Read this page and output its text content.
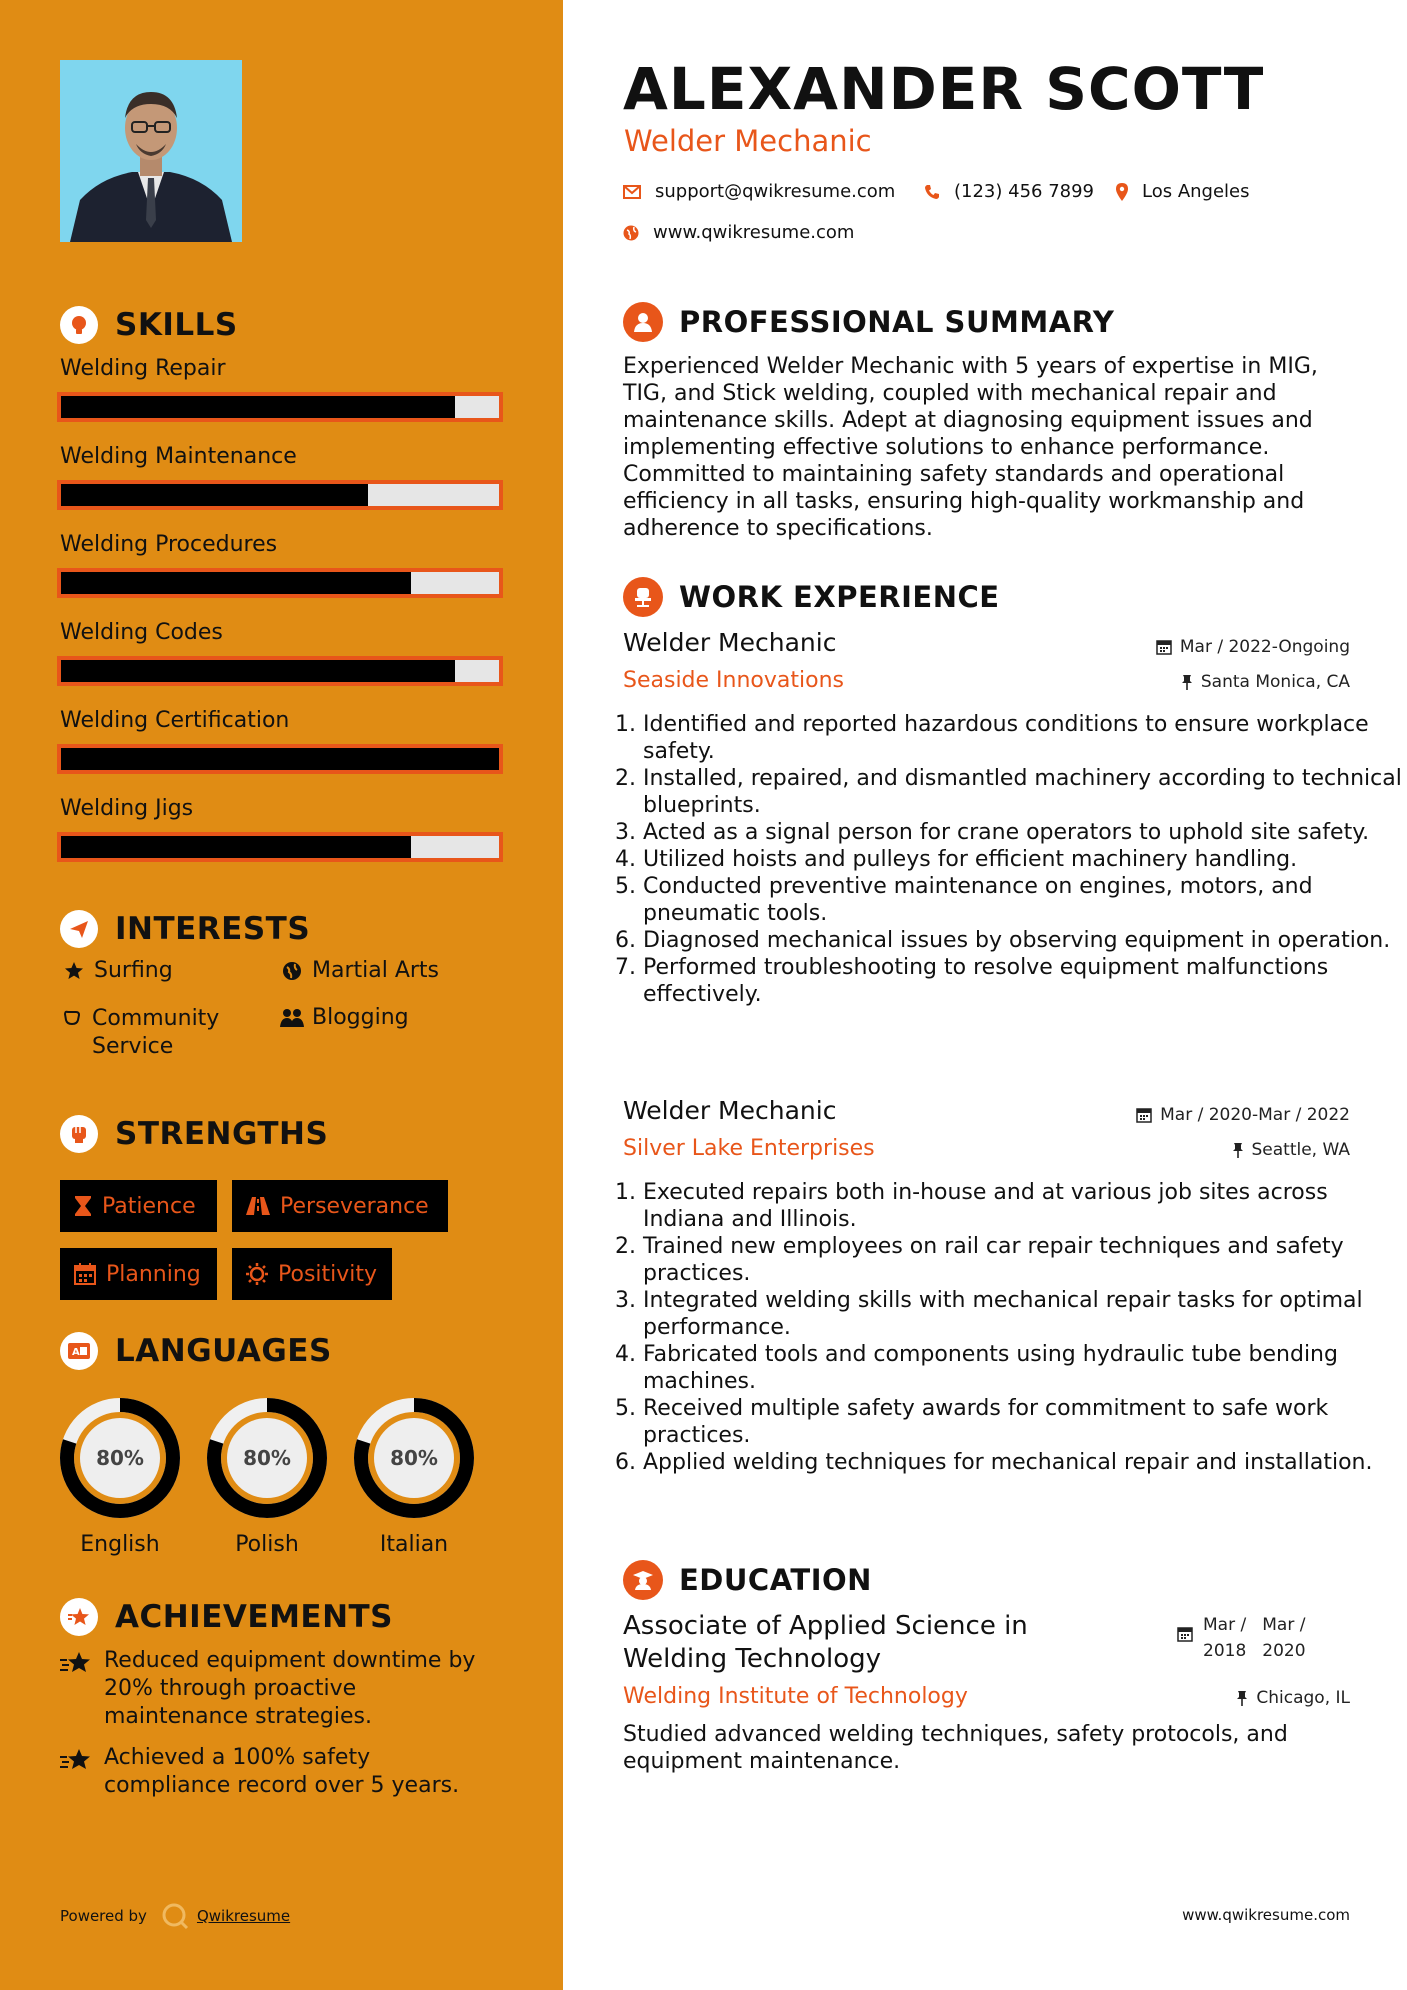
SKILLS
Welding Repair
Welding Maintenance
Welding Procedures
Welding Codes
Welding Certification
Welding Jigs
INTERESTS
Surfing	Martial Arts
Community Service
Blogging
STRENGTHS
Patience	Perseverance
Planning	Positivity
A LANGUAGES
80%
English
80%
Polish
80%
Italian
ACHIEVEMENTS
Reduced equipment downtime by 20% through proactive maintenance strategies.
Achieved a 100% safety compliance record over 5 years.
Powered by	Qwikresume
ALEXANDER SCOTT
Welder Mechanic
support@qwikresume.com	(123) 456 7899	Los Angeles
www.qwikresume.com
PROFESSIONAL SUMMARY
Experienced Welder Mechanic with 5 years of expertise in MIG, TIG, and Stick welding, coupled with mechanical repair and maintenance skills. Adept at diagnosing equipment issues and implementing effective solutions to enhance performance. Committed to maintaining safety standards and operational efficiency in all tasks, ensuring high-quality workmanship and adherence to specifications.
WORK EXPERIENCE
Welder Mechanic	Mar / 2022-Ongoing
Seaside Innovations	Santa Monica, CA
1. Identified and reported hazardous conditions to ensure workplace safety.
2. Installed, repaired, and dismantled machinery according to technical blueprints.
3. Acted as a signal person for crane operators to uphold site safety.
4. Utilized hoists and pulleys for efficient machinery handling.
5. Conducted preventive maintenance on engines, motors, and pneumatic tools.
6. Diagnosed mechanical issues by observing equipment in operation.
7. Performed troubleshooting to resolve equipment malfunctions effectively.
Welder Mechanic	Mar / 2020-Mar / 2022
Silver Lake Enterprises	Seattle, WA
1. Executed repairs both in-house and at various job sites across Indiana and Illinois.
2. Trained new employees on rail car repair techniques and safety practices.
3. Integrated welding skills with mechanical repair tasks for optimal performance.
4. Fabricated tools and components using hydraulic tube bending machines.
5. Received multiple safety awards for commitment to safe work practices.
6. Applied welding techniques for mechanical repair and installation.
EDUCATION
Associate of Applied Science in Welding Technology
Mar /
2018
Mar /
2020
Welding Institute of Technology	Chicago, IL
Studied advanced welding techniques, safety protocols, and equipment maintenance.
www.qwikresume.com
